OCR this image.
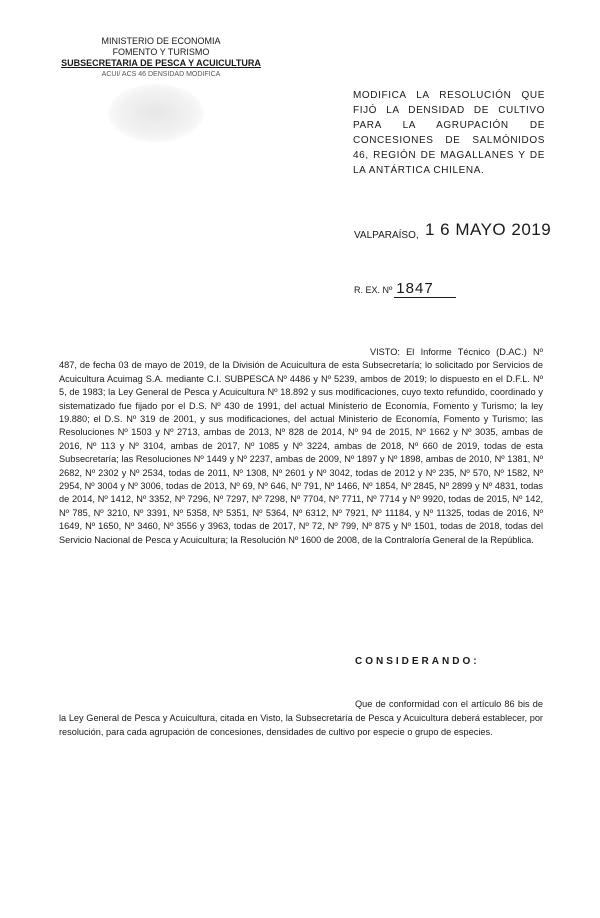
MINISTERIO DE ECONOMIA
FOMENTO Y TURISMO
SUBSECRETARIA DE PESCA Y ACUICULTURA
ACUI/ ACS 46 DENSIDAD MODIFICA
MODIFICA LA RESOLUCIÓN QUE FIJÓ LA DENSIDAD DE CULTIVO PARA LA AGRUPACIÓN DE CONCESIONES DE SALMÓNIDOS 46, REGIÓN DE MAGALLANES Y DE LA ANTÁRTICA CHILENA.
VALPARAÍSO, 1 6 MAYO 2019
R. EX. Nº 1847

VISTO: El Informe Técnico (D.AC.) Nº 487, de fecha 03 de mayo de 2019, de la División de Acuicultura de esta Subsecretaría; lo solicitado por Servicios de Acuicultura Acuimag S.A. mediante C.I. SUBPESCA Nº 4486 y Nº 5239, ambos de 2019; lo dispuesto en el D.F.L. Nº 5, de 1983; la Ley General de Pesca y Acuicultura Nº 18.892 y sus modificaciones, cuyo texto refundido, coordinado y sistematizado fue fijado por el D.S. Nº 430 de 1991, del actual Ministerio de Economía, Fomento y Turismo; la ley 19.880; el D.S. Nº 319 de 2001, y sus modificaciones, del actual Ministerio de Economía, Fomento y Turismo; las Resoluciones Nº 1503 y Nº 2713, ambas de 2013, Nº 828 de 2014, Nº 94 de 2015, Nº 1662 y Nº 3035, ambas de 2016, Nº 113 y Nº 3104, ambas de 2017, Nº 1085 y Nº 3224, ambas de 2018, Nº 660 de 2019, todas de esta Subsecretaría; las Resoluciones Nº 1449 y Nº 2237, ambas de 2009, Nº 1897 y Nº 1898, ambas de 2010, Nº 1381, Nº 2682, Nº 2302 y Nº 2534, todas de 2011, Nº 1308, Nº 2601 y Nº 3042, todas de 2012 y Nº 235, Nº 570, Nº 1582, Nº 2954, Nº 3004 y Nº 3006, todas de 2013, Nº 69, Nº 646, Nº 791, Nº 1466, Nº 1854, Nº 2845, Nº 2899 y Nº 4831, todas de 2014, Nº 1412, Nº 3352, Nº 7296, Nº 7297, Nº 7298, Nº 7704, Nº 7711, Nº 7714 y Nº 9920, todas de 2015, Nº 142, Nº 785, Nº 3210, Nº 3391, Nº 5358, Nº 5351, Nº 5364, Nº 6312, Nº 7921, Nº 11184, y Nº 11325, todas de 2016, Nº 1649, Nº 1650, Nº 3460, Nº 3556 y 3963, todas de 2017, Nº 72, Nº 799, Nº 875 y Nº 1501, todas de 2018, todas del Servicio Nacional de Pesca y Acuicultura; la Resolución Nº 1600 de 2008, de la Contraloría General de la República.

CONSIDERANDO:

Que de conformidad con el artículo 86 bis de la Ley General de Pesca y Acuicultura, citada en Visto, la Subsecretaría de Pesca y Acuicultura deberá establecer, por resolución, para cada agrupación de concesiones, densidades de cultivo por especie o grupo de especies.
